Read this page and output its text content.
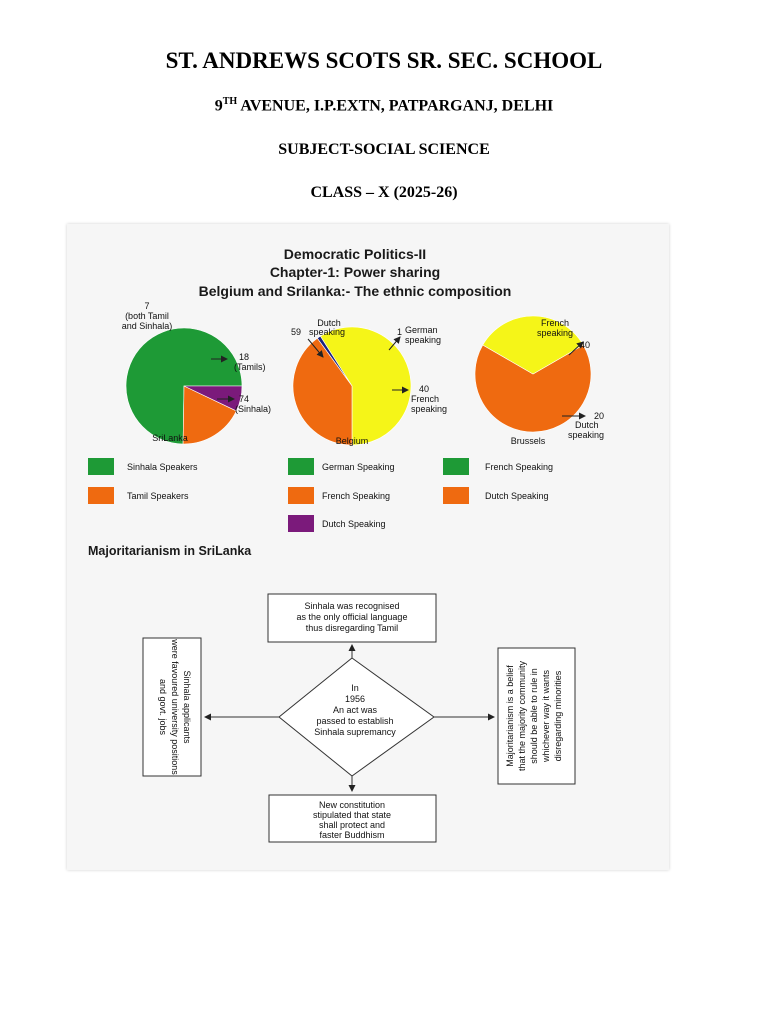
ST. ANDREWS SCOTS SR. SEC. SCHOOL
9TH AVENUE, I.P.EXTN, PATPARGANJ, DELHI
SUBJECT-SOCIAL SCIENCE
CLASS – X (2025-26)
Democratic Politics-II
Chapter-1: Power sharing
Belgium and Srilanka:- The ethnic composition
7
(both Tamil
and Sinhala)
18
(Tamils)
74
(Sinhala)
SriLanka
Dutch
59 speaking	1 German
speaking
40
French
speaking
Belgium
French
speaking
40
20
Dutch
speaking
Brussels
Sinhala Speakers
Tamil Speakers
German Speaking
French Speaking
Dutch Speaking
French Speaking
Dutch Speaking
Majoritarianism in SriLanka
Sinhala was recognised
as the only official language
thus disregarding Tamil
In
1956
An act was
passed to establish
Sinhala supremancy
New constitution
stipulated that state
shall protect and
faster Buddhism
Sinhala applicants
were favoured university positions
and govt. jobs	Majoritarianism is a belief that the majority community should be able to rule in whichever way it wants disregarding minorities
